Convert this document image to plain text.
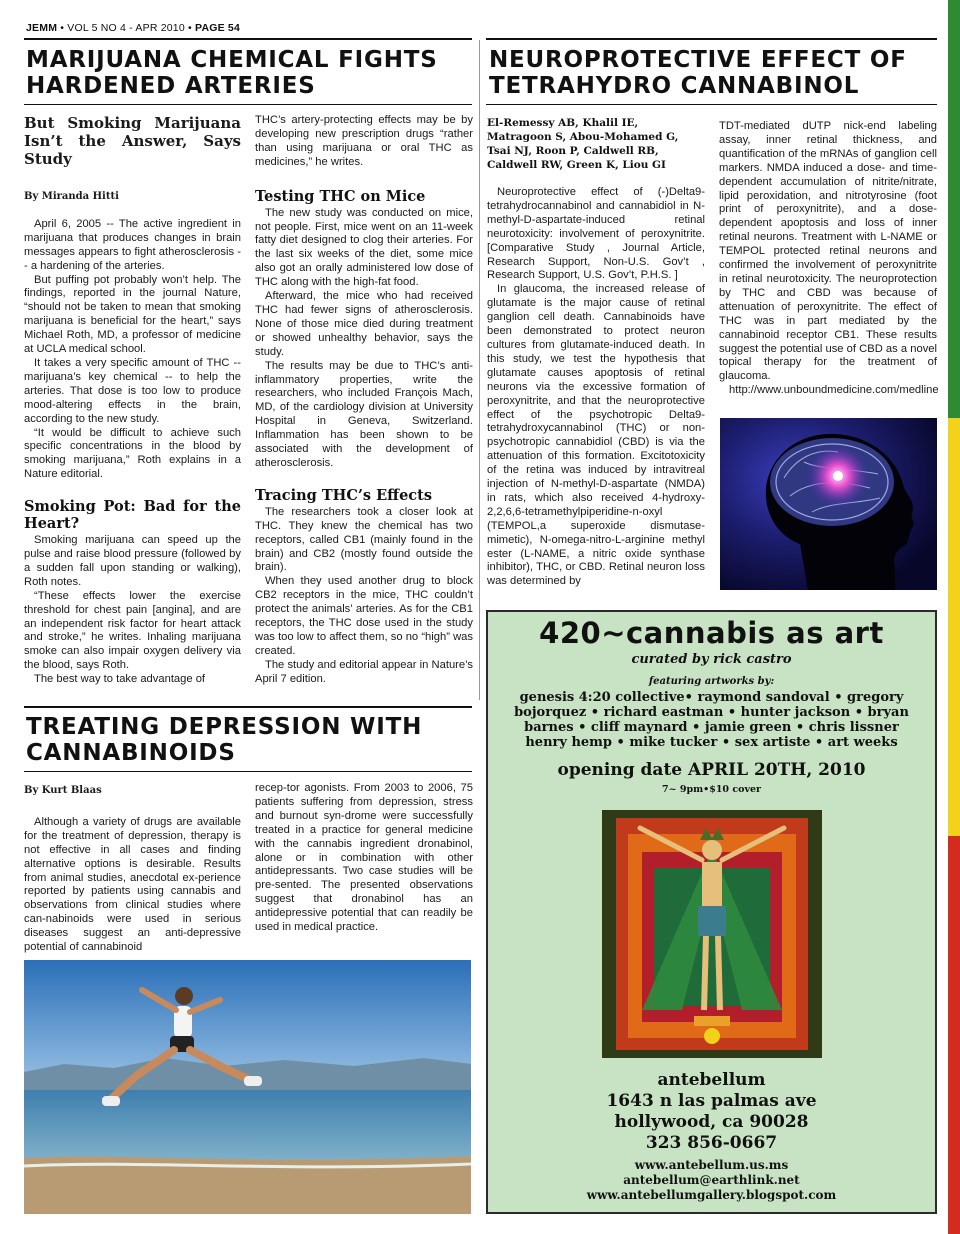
JEMM • VOL 5 NO 4 - APR 2010 • PAGE 54
MARIJUANA CHEMICAL FIGHTS
HARDENED ARTERIES
But Smoking Marijuana Isn’t the Answer, Says Study
By Miranda Hitti

April 6, 2005 -- The active ingredient in marijuana that produces changes in brain messages appears to fight atherosclerosis -- a hardening of the arteries.

But puffing pot probably won’t help. The findings, reported in the journal Nature, “should not be taken to mean that smoking marijuana is beneficial for the heart,” says Michael Roth, MD, a professor of medicine at UCLA medical school.

It takes a very specific amount of THC -- marijuana’s key chemical -- to help the arteries. That dose is too low to produce mood-altering effects in the brain, according to the new study.

“It would be difficult to achieve such specific concentrations in the blood by smoking marijuana,” Roth explains in a Nature editorial.

Smoking Pot: Bad for the Heart?

Smoking marijuana can speed up the pulse and raise blood pressure (followed by a sudden fall upon standing or walking), Roth notes.

“These effects lower the exercise threshold for chest pain [angina], and are an independent risk factor for heart attack and stroke,” he writes. Inhaling marijuana smoke can also impair oxygen delivery via the blood, says Roth.

The best way to take advantage of

THC’s artery-protecting effects may be by developing new prescription drugs “rather than using marijuana or oral THC as medicines,” he writes.

Testing THC on Mice

The new study was conducted on mice, not people. First, mice went on an 11-week fatty diet designed to clog their arteries. For the last six weeks of the diet, some mice also got an orally administered low dose of THC along with the high-fat food.

Afterward, the mice who had received THC had fewer signs of atherosclerosis. None of those mice died during treatment or showed unhealthy behavior, says the study.

The results may be due to THC’s anti-inflammatory properties, write the researchers, who included François Mach, MD, of the cardiology division at University Hospital in Geneva, Switzerland. Inflammation has been shown to be associated with the development of atherosclerosis.

Tracing THC’s Effects

The researchers took a closer look at THC. They knew the chemical has two receptors, called CB1 (mainly found in the brain) and CB2 (mostly found outside the brain).

When they used another drug to block CB2 receptors in the mice, THC couldn’t protect the animals’ arteries. As for the CB1 receptors, the THC dose used in the study was too low to affect them, so no “high” was created.

The study and editorial appear in Nature’s April 7 edition.

NEUROPROTECTIVE EFFECT OF
TETRAHYDRO CANNABINOL
El-Remessy AB, Khalil IE, Matragoon S, Abou-Mohamed G, Tsai NJ, Roon P, Caldwell RB, Caldwell RW, Green K, Liou GI

Neuroprotective effect of (-)Delta9-tetrahydrocannabinol and cannabidiol in N-methyl-D-aspartate-induced retinal neurotoxicity: involvement of peroxynitrite. [Comparative Study , Journal Article, Research Support, Non-U.S. Gov’t , Research Support, U.S. Gov’t, P.H.S. ]

In glaucoma, the increased release of glutamate is the major cause of retinal ganglion cell death. Cannabinoids have been demonstrated to protect neuron cultures from glutamate-induced death. In this study, we test the hypothesis that glutamate causes apoptosis of retinal neurons via the excessive formation of peroxynitrite, and that the neuroprotective effect of the psychotropic Delta9-tetrahydroxycannabinol (THC) or non-psychotropic cannabidiol (CBD) is via the attenuation of this formation. Excitotoxicity of the retina was induced by intravitreal injection of N-methyl-D-aspartate (NMDA) in rats, which also received 4-hydroxy-2,2,6,6-tetramethylpiperidine-n-oxyl (TEMPOL,a superoxide dismutase-mimetic), N-omega-nitro-L-arginine methyl ester (L-NAME, a nitric oxide synthase inhibitor), THC, or CBD. Retinal neuron loss was determined by

TDT-mediated dUTP nick-end labeling assay, inner retinal thickness, and quantification of the mRNAs of ganglion cell markers. NMDA induced a dose- and time-dependent accumulation of nitrite/nitrate, lipid peroxidation, and nitrotyrosine (foot print of peroxynitrite), and a dose-dependent apoptosis and loss of inner retinal neurons. Treatment with L-NAME or TEMPOL protected retinal neurons and confirmed the involvement of peroxynitrite in retinal neurotoxicity. The neuroprotection by THC and CBD was because of attenuation of peroxynitrite. The effect of THC was in part mediated by the cannabinoid receptor CB1. These results suggest the potential use of CBD as a novel topical therapy for the treatment of glaucoma.

http://www.unboundmedicine.com/medline

TREATING DEPRESSION WITH
CANNABINOIDS
By Kurt Blaas

Although a variety of drugs are available for the treatment of depression, therapy is not effective in all cases and finding alternative options is desirable. Results from animal studies, anecdotal ex-perience reported by patients using cannabis and observations from clinical studies where can-nabinoids were used in serious diseases suggest an anti-depressive potential of cannabinoid

recep-tor agonists. From 2003 to 2006, 75 patients suffering from depression, stress and burnout syn-drome were successfully treated in a practice for general medicine with the cannabis ingredient dronabinol, alone or in combination with other antidepressants. Two case studies will be pre-sented. The presented observations suggest that dronabinol has an antidepressive potential that can readily be used in medical practice.

420~cannabis as art
curated by rick castro
featuring artworks by:
genesis 4:20 collective• raymond sandoval • gregory bojorquez • richard eastman • hunter jackson • bryan barnes • cliff maynard • jamie green • chris lissner henry hemp • mike tucker • sex artiste • art weeks
opening date APRIL 20TH, 2010
7~ 9pm•$10 cover
antebellum
1643 n las palmas ave
hollywood, ca 90028
323 856-0667
www.antebellum.us.ms
antebellum@earthlink.net
www.antebellumgallery.blogspot.com
